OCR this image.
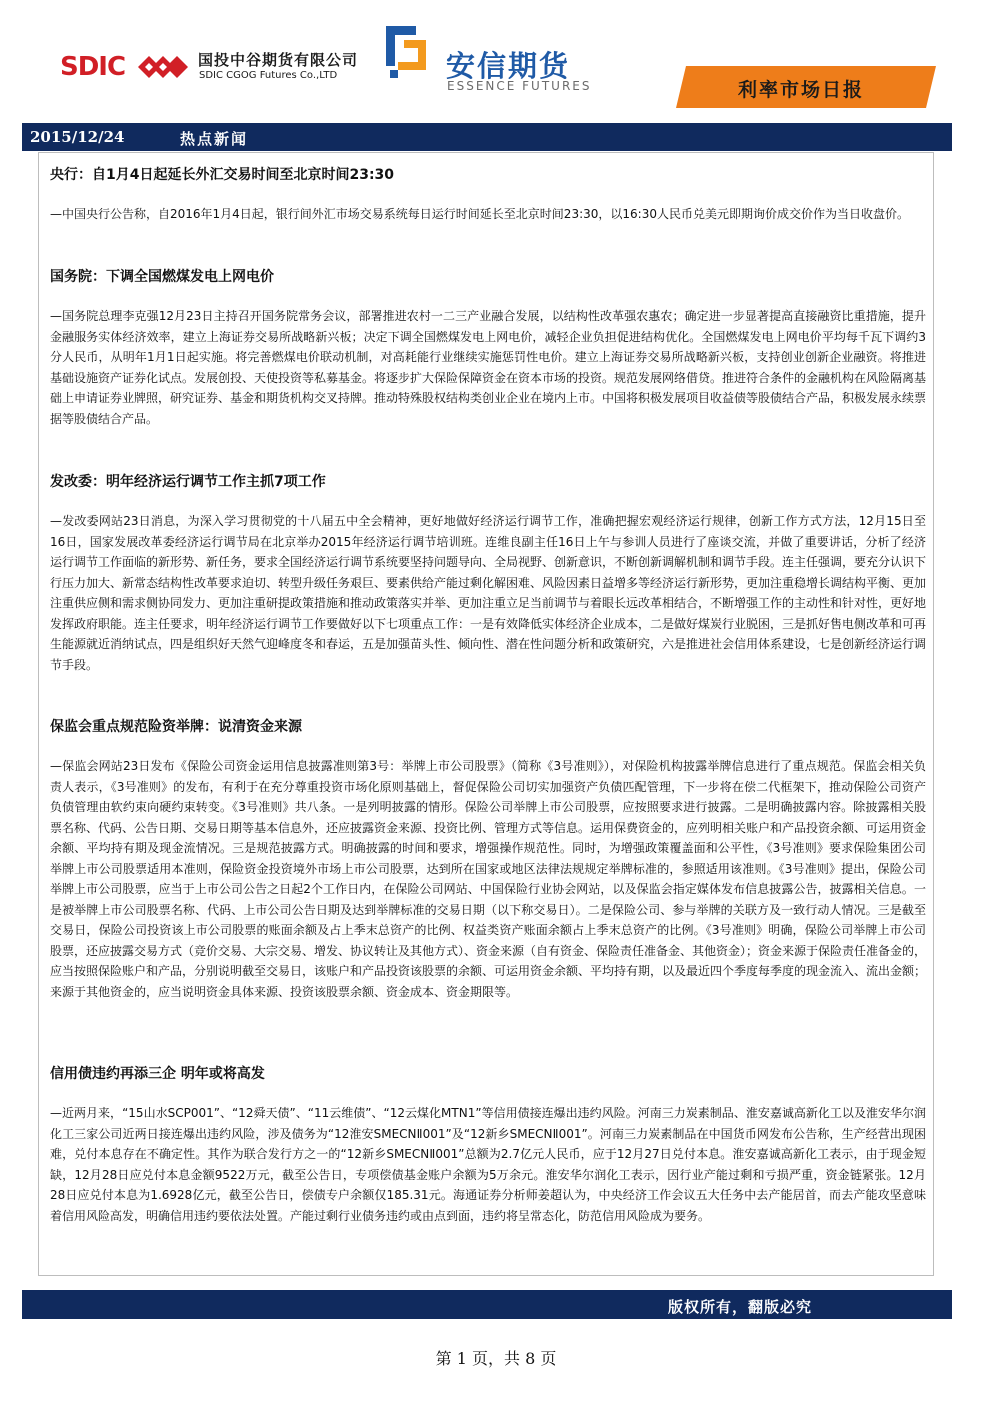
SDIC	国投中谷期货有限公司
SDIC CGOG Futures Co.,LTD	安信期货
ESSENCE FUTURES	利率市场日报
2015/12/24	热点新闻
央行：自1月4日起延长外汇交易时间至北京时间23:30

—中国央行公告称，自2016年1月4日起，银行间外汇市场交易系统每日运行时间延长至北京时间23:30，以16:30人民币兑美元即期询价成交价作为当日收盘价。

国务院：下调全国燃煤发电上网电价

—国务院总理李克强12月23日主持召开国务院常务会议，部署推进农村一二三产业融合发展，以结构性改革强农惠农；确定进一步显著提高直接融资比重措施，提升金融服务实体经济效率，建立上海证券交易所战略新兴板；决定下调全国燃煤发电上网电价，减轻企业负担促进结构优化。全国燃煤发电上网电价平均每千瓦下调约3分人民币，从明年1月1日起实施。将完善燃煤电价联动机制，对高耗能行业继续实施惩罚性电价。建立上海证券交易所战略新兴板，支持创业创新企业融资。将推进基础设施资产证券化试点。发展创投、天使投资等私募基金。将逐步扩大保险保障资金在资本市场的投资。规范发展网络借贷。推进符合条件的金融机构在风险隔离基础上申请证券业牌照，研究证券、基金和期货机构交叉持牌。推动特殊股权结构类创业企业在境内上市。中国将积极发展项目收益债等股债结合产品，积极发展永续票据等股债结合产品。

发改委：明年经济运行调节工作主抓7项工作

—发改委网站23日消息，为深入学习贯彻党的十八届五中全会精神，更好地做好经济运行调节工作，准确把握宏观经济运行规律，创新工作方式方法，12月15日至16日，国家发展改革委经济运行调节局在北京举办2015年经济运行调节培训班。连维良副主任16日上午与参训人员进行了座谈交流，并做了重要讲话，分析了经济运行调节工作面临的新形势、新任务，要求全国经济运行调节系统要坚持问题导向、全局视野、创新意识，不断创新调解机制和调节手段。连主任强调，要充分认识下行压力加大、新常态结构性改革要求迫切、转型升级任务艰巨、要素供给产能过剩化解困难、风险因素日益增多等经济运行新形势，更加注重稳增长调结构平衡、更加注重供应侧和需求侧协同发力、更加注重研提政策措施和推动政策落实并举、更加注重立足当前调节与着眼长远改革相结合，不断增强工作的主动性和针对性，更好地发挥政府职能。连主任要求，明年经济运行调节工作要做好以下七项重点工作：一是有效降低实体经济企业成本，二是做好煤炭行业脱困，三是抓好售电侧改革和可再生能源就近消纳试点，四是组织好天然气迎峰度冬和春运，五是加强苗头性、倾向性、潜在性问题分析和政策研究，六是推进社会信用体系建设，七是创新经济运行调节手段。

保监会重点规范险资举牌：说清资金来源

—保监会网站23日发布《保险公司资金运用信息披露准则第3号：举牌上市公司股票》（简称《3号准则》），对保险机构披露举牌信息进行了重点规范。保监会相关负责人表示，《3号准则》的发布，有利于在充分尊重投资市场化原则基础上，督促保险公司切实加强资产负债匹配管理，下一步将在偿二代框架下，推动保险公司资产负债管理由软约束向硬约束转变。《3号准则》共八条。一是列明披露的情形。保险公司举牌上市公司股票，应按照要求进行披露。二是明确披露内容。除披露相关股票名称、代码、公告日期、交易日期等基本信息外，还应披露资金来源、投资比例、管理方式等信息。运用保费资金的，应列明相关账户和产品投资余额、可运用资金余额、平均持有期及现金流情况。三是规范披露方式。明确披露的时间和要求，增强操作规范性。同时，为增强政策覆盖面和公平性，《3号准则》要求保险集团公司举牌上市公司股票适用本准则，保险资金投资境外市场上市公司股票，达到所在国家或地区法律法规规定举牌标准的，参照适用该准则。《3号准则》提出，保险公司举牌上市公司股票，应当于上市公司公告之日起2个工作日内，在保险公司网站、中国保险行业协会网站，以及保监会指定媒体发布信息披露公告，披露相关信息。一是被举牌上市公司股票名称、代码、上市公司公告日期及达到举牌标准的交易日期（以下称交易日）。二是保险公司、参与举牌的关联方及一致行动人情况。三是截至交易日，保险公司投资该上市公司股票的账面余额及占上季末总资产的比例、权益类资产账面余额占上季末总资产的比例。《3号准则》明确，保险公司举牌上市公司股票，还应披露交易方式（竞价交易、大宗交易、增发、协议转让及其他方式）、资金来源（自有资金、保险责任准备金、其他资金）；资金来源于保险责任准备金的，应当按照保险账户和产品，分别说明截至交易日，该账户和产品投资该股票的余额、可运用资金余额、平均持有期，以及最近四个季度每季度的现金流入、流出金额；来源于其他资金的，应当说明资金具体来源、投资该股票余额、资金成本、资金期限等。

信用债违约再添三企 明年或将高发

—近两月来，“15山水SCP001”、“12舜天债”、“11云维债”、“12云煤化MTN1”等信用债接连爆出违约风险。河南三力炭素制品、淮安嘉诚高新化工以及淮安华尔润化工三家公司近两日接连爆出违约风险，涉及债务为“12淮安SMECNⅡ001”及“12新乡SMECNⅡ001”。河南三力炭素制品在中国货币网发布公告称，生产经营出现困难，兑付本息存在不确定性。其作为联合发行方之一的“12新乡SMECNⅡ001”总额为2.7亿元人民币，应于12月27日兑付本息。淮安嘉诚高新化工表示，由于现金短缺，12月28日应兑付本息金额9522万元，截至公告日，专项偿债基金账户余额为5万余元。淮安华尔润化工表示，因行业产能过剩和亏损严重，资金链紧张。12月28日应兑付本息为1.6928亿元，截至公告日，偿债专户余额仅185.31元。海通证券分析师姜超认为，中央经济工作会议五大任务中去产能居首，而去产能攻坚意味着信用风险高发，明确信用违约要依法处置。产能过剩行业债务违约或由点到面，违约将呈常态化，防范信用风险成为要务。

版权所有，翻版必究
第 1 页，共 8 页
